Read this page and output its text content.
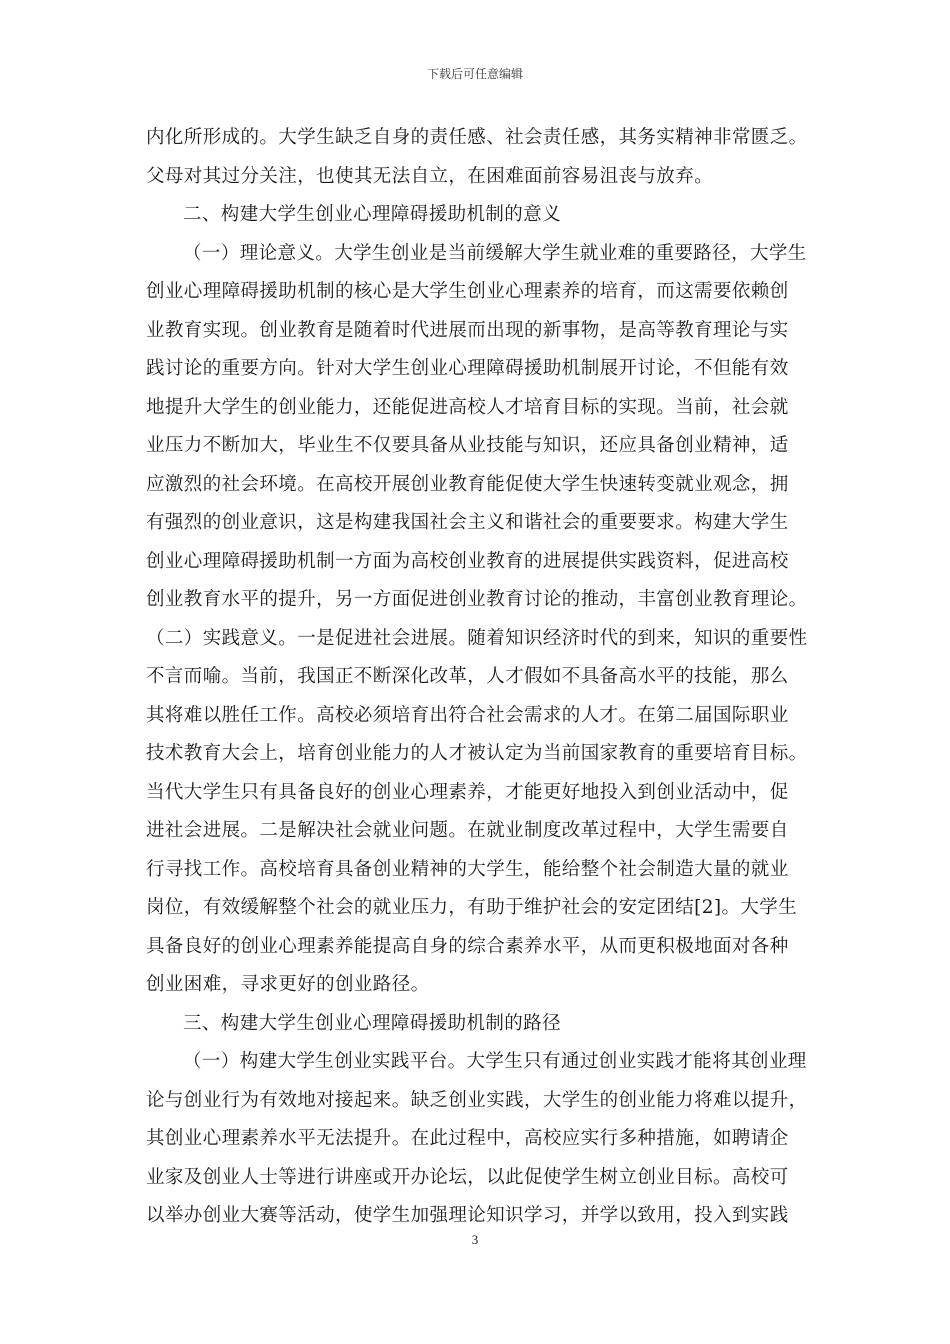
下载后可任意编辑
内化所形成的。大学生缺乏自身的责任感、社会责任感，其务实精神非常匮乏。
父母对其过分关注，也使其无法自立，在困难面前容易沮丧与放弃。
二、构建大学生创业心理障碍援助机制的意义
（一）理论意义。大学生创业是当前缓解大学生就业难的重要路径，大学生
创业心理障碍援助机制的核心是大学生创业心理素养的培育，而这需要依赖创
业教育实现。创业教育是随着时代进展而出现的新事物，是高等教育理论与实
践讨论的重要方向。针对大学生创业心理障碍援助机制展开讨论，不但能有效
地提升大学生的创业能力，还能促进高校人才培育目标的实现。当前，社会就
业压力不断加大，毕业生不仅要具备从业技能与知识，还应具备创业精神，适
应激烈的社会环境。在高校开展创业教育能促使大学生快速转变就业观念，拥
有强烈的创业意识，这是构建我国社会主义和谐社会的重要要求。构建大学生
创业心理障碍援助机制一方面为高校创业教育的进展提供实践资料，促进高校
创业教育水平的提升，另一方面促进创业教育讨论的推动，丰富创业教育理论。
（二）实践意义。一是促进社会进展。随着知识经济时代的到来，知识的重要性
不言而喻。当前，我国正不断深化改革，人才假如不具备高水平的技能，那么
其将难以胜任工作。高校必须培育出符合社会需求的人才。在第二届国际职业
技术教育大会上，培育创业能力的人才被认定为当前国家教育的重要培育目标。
当代大学生只有具备良好的创业心理素养，才能更好地投入到创业活动中，促
进社会进展。二是解决社会就业问题。在就业制度改革过程中，大学生需要自
行寻找工作。高校培育具备创业精神的大学生，能给整个社会制造大量的就业
岗位，有效缓解整个社会的就业压力，有助于维护社会的安定团结[2]。大学生
具备良好的创业心理素养能提高自身的综合素养水平，从而更积极地面对各种
创业困难，寻求更好的创业路径。
三、构建大学生创业心理障碍援助机制的路径
（一）构建大学生创业实践平台。大学生只有通过创业实践才能将其创业理
论与创业行为有效地对接起来。缺乏创业实践，大学生的创业能力将难以提升，
其创业心理素养水平无法提升。在此过程中，高校应实行多种措施，如聘请企
业家及创业人士等进行讲座或开办论坛，以此促使学生树立创业目标。高校可
以举办创业大赛等活动，使学生加强理论知识学习，并学以致用，投入到实践
3
